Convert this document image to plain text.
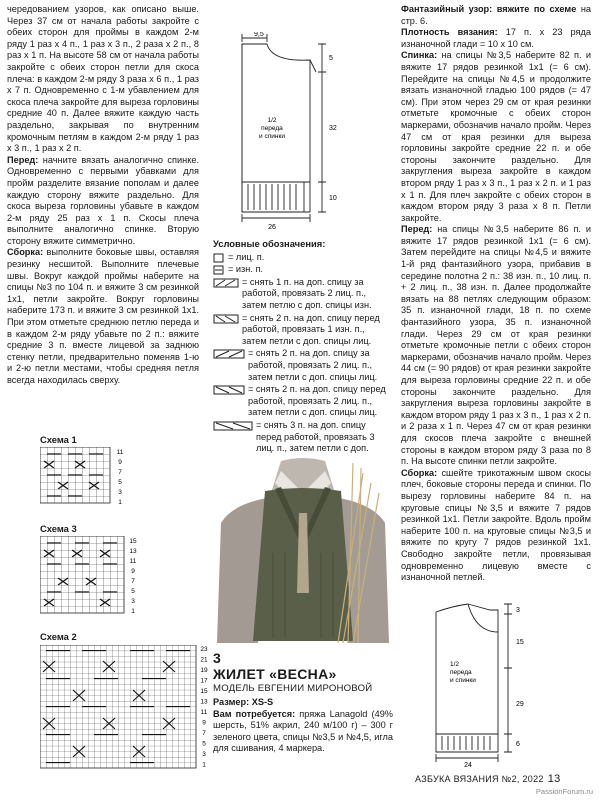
чередованием узоров, как описано выше. Через 37 см от начала работы закройте с обеих сторон для проймы в каждом 2-м ряду 1 раз х 4 п., 1 раз х 3 п., 2 раза х 2 п., 8 раз х 1 п. На высоте 58 см от начала работы закройте с обеих сторон петли для скоса плеча: в каждом 2-м ряду 3 раза х 6 п., 1 раз х 7 п. Одновременно с 1-м убавлением для скоса плеча закройте для выреза горловины средние 40 п. Далее вяжите каждую часть раздельно, закрывая по внутренним кромочным петлям в каждом 2-м ряду 1 раз х 3 п., 1 раз х 2 п.

Перед: начните вязать аналогично спинке. Одновременно с первыми убавками для пройм разделите вязание пополам и далее каждую сторону вяжите раздельно. Для скоса выреза горловины убавьте в каждом 2-м ряду 25 раз х 1 п. Скосы плеча выполните аналогично спинке. Вторую сторону вяжите симметрично.

Сборка: выполните боковые швы, оставляя резинку несшитой. Выполните плечевые швы. Вокруг каждой проймы наберите на спицы №3 по 104 п. и вяжите 3 см резинкой 1х1, петли закройте. Вокруг горловины наберите 173 п. и вяжите 3 см резинкой 1х1. При этом отметьте среднюю петлю переда и в каждом 2-м ряду убавьте по 2 п.: вяжите средние 3 п. вместе лицевой за заднюю стенку петли, предварительно поменяв 1-ю и 2-ю петли местами, чтобы средняя петля всегда находилась сверху.

Схема 1
Схема 3
Схема 2
11
9
7
5
3
1
15
13
11
9
7
5
3
1
23
21
19
17
15
13
11
9
7
5
3
1
9,5
5
32
10
26
1/2
переда
и спинки
Условные обозначения:
= лиц. п.
= изн. п.
= снять 1 п. на доп. спицу за работой, провязать 2 лиц. п., затем петлю с доп. спицы изн.
= снять 2 п. на доп. спицу перед работой, провязать 1 изн. п., затем петли с доп. спицы лиц.
= снять 2 п. на доп. спицу за работой, провязать 2 лиц. п., затем петли с доп. спицы лиц.
= снять 2 п. на доп. спицу перед работой, провязать 2 лиц. п., затем петли с доп. спицы лиц.
= снять 3 п. на доп. спицу перед работой, провязать 3 лиц. п., затем петли с доп.
3
ЖИЛЕТ «ВЕСНА»
МОДЕЛЬ ЕВГЕНИИ МИРОНОВОЙ
Размер: XS-S
Вам потребуется: пряжа Lanagold (49% шерсть, 51% акрил, 240 м/100 г) – 300 г зеленого цвета, спицы №3,5 и №4,5, игла для сшивания, 4 маркера.

Фантазийный узор: вяжите по схеме на стр. 6.

Плотность вязания: 17 п. х 23 ряда изнаночной глади = 10 х 10 см.

Спинка: на спицы №3,5 наберите 82 п. и вяжите 17 рядов резинкой 1х1 (= 6 см). Перейдите на спицы №4,5 и продолжите вязать изнаночной гладью 100 рядов (= 47 см). При этом через 29 см от края резинки отметьте кромочные с обеих сторон маркерами, обозначив начало пройм. Через 47 см от края резинки для выреза горловины закройте средние 22 п. и обе стороны закончите раздельно. Для закругления выреза закройте в каждом втором ряду 1 раз х 3 п., 1 раз х 2 п. и 1 раз х 1 п. Для плеч закройте с обеих сторон в каждом втором ряду 3 раза х 8 п. Петли закройте.

Перед: на спицы №3,5 наберите 86 п. и вяжите 17 рядов резинкой 1х1 (= 6 см). Затем перейдите на спицы №4,5 и вяжите 1-й ряд фантазийного узора, прибавив в середине полотна 2 п.: 38 изн. п., 10 лиц. п. + 2 лиц. п., 38 изн. п. Далее продолжайте вязать на 88 петлях следующим образом: 35 п. изнаночной глади, 18 п. по схеме фантазийного узора, 35 п. изнаночной глади. Через 29 см от края резинки отметьте кромочные петли с обеих сторон маркерами, обозначив начало пройм. Через 44 см (= 90 рядов) от края резинки закройте для выреза горловины средние 22 п. и обе стороны закончите раздельно. Для закругления выреза горловины закройте в каждом втором ряду 1 раз х 3 п., 1 раз х 2 п. и 2 раза х 1 п. Через 47 см от края резинки для скосов плеча закройте с внешней стороны в каждом втором ряду 3 раза по 8 п. На высоте спинки петли закройте.

Сборка: сшейте трикотажным швом скосы плеч, боковые стороны переда и спинки. По вырезу горловины наберите 84 п. на круговые спицы №3,5 и вяжите 7 рядов резинкой 1х1. Петли закройте. Вдоль пройм наберите 100 п. на круговые спицы №3,5 и вяжите по кругу 7 рядов резинкой 1х1. Свободно закройте петли, провязывая одновременно лицевую вместе с изнаночной петлей.

3
15
29
6
24
1/2
переда
и спинки
АЗБУКА ВЯЗАНИЯ №2, 2022 13
PassionForum.ru
